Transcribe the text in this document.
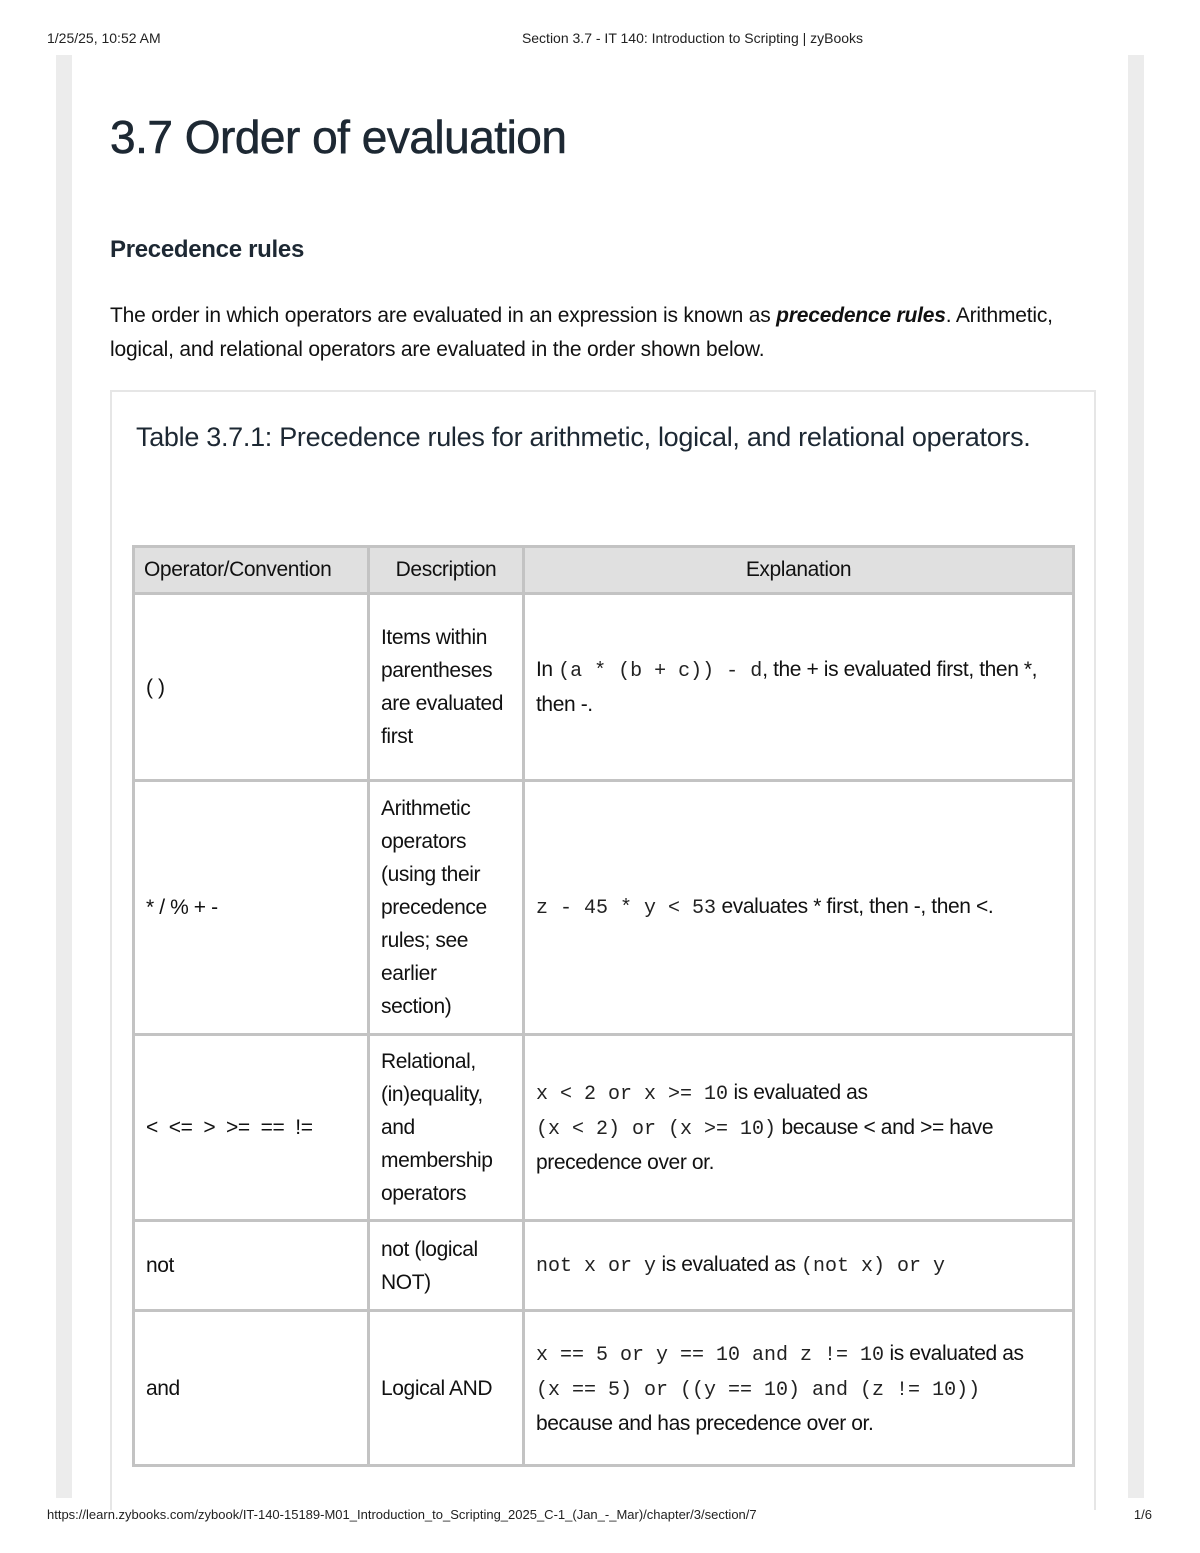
1/25/25, 10:52 AM	Section 3.7 - IT 140: Introduction to Scripting | zyBooks
3.7 Order of evaluation
Precedence rules

The order in which operators are evaluated in an expression is known as precedence rules. Arithmetic, logical, and relational operators are evaluated in the order shown below.

Table 3.7.1: Precedence rules for arithmetic, logical, and relational operators.
Operator/Convention	Description	Explanation
( )	Items within parentheses are evaluated first	In (a * (b + c)) - d, the + is evaluated first, then *, then -.
* / % + -	Arithmetic operators (using their precedence rules; see earlier section)	z - 45 * y < 53 evaluates * first, then -, then <.
<  <=  >  >=  ==  !=	Relational, (in)equality, and membership operators	x < 2 or x >= 10 is evaluated as (x < 2) or (x >= 10) because < and >= have precedence over or.
not	not (logical NOT)	not x or y is evaluated as (not x) or y
and	Logical AND	x == 5 or y == 10 and z != 10 is evaluated as (x == 5) or ((y == 10) and (z != 10)) because and has precedence over or.
https://learn.zybooks.com/zybook/IT-140-15189-M01_Introduction_to_Scripting_2025_C-1_(Jan_-_Mar)/chapter/3/section/7	1/6
